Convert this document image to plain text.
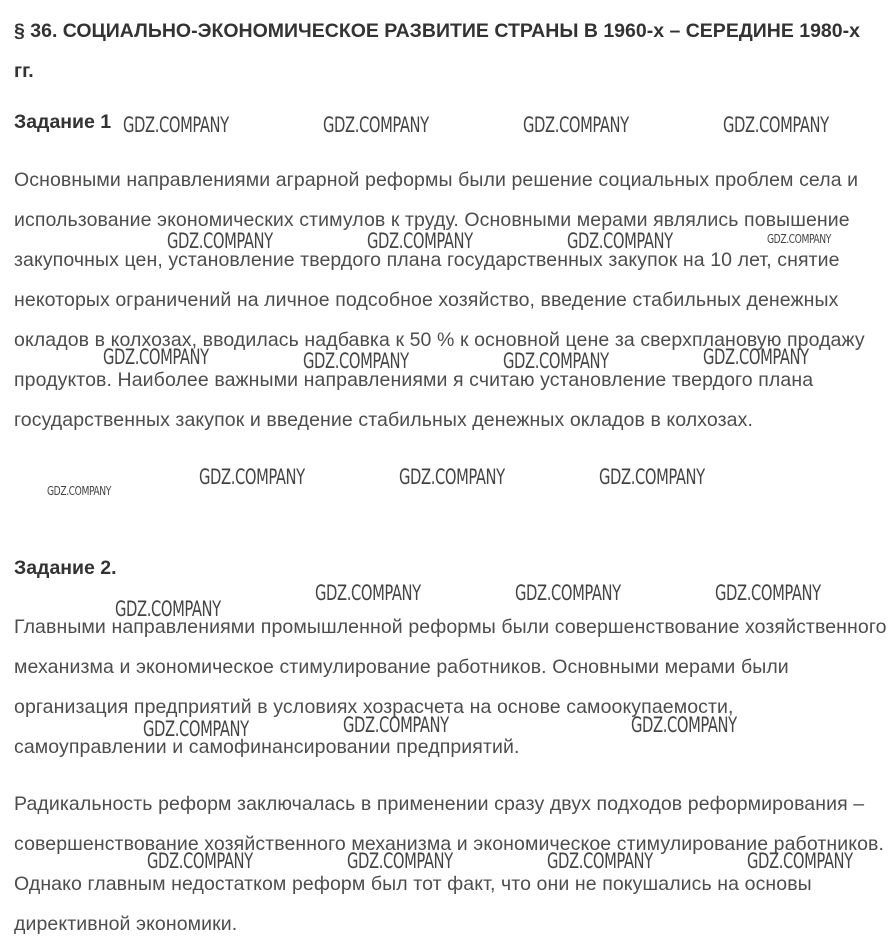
§ 36. СОЦИАЛЬНО-ЭКОНОМИЧЕСКОЕ РАЗВИТИЕ СТРАНЫ В 1960-х – СЕРЕДИНЕ 1980-х гг.
Задание 1

Основными направлениями аграрной реформы были решение социальных проблем села и использование экономических стимулов к труду. Основными мерами являлись повышение закупочных цен, установление твердого плана государственных закупок на 10 лет, снятие некоторых ограничений на личное подсобное хозяйство, введение стабильных денежных окладов в колхозах, вводилась надбавка к 50 % к основной цене за сверхплановую продажу продуктов. Наиболее важными направлениями я считаю установление твердого плана государственных закупок и введение стабильных денежных окладов в колхозах.

Задание 2.

Главными направлениями промышленной реформы были совершенствование хозяйственного механизма и экономическое стимулирование работников. Основными мерами были организация предприятий в условиях хозрасчета на основе самоокупаемости, самоуправлении и самофинансировании предприятий.

Радикальность реформ заключалась в применении сразу двух подходов реформирования – совершенствование хозяйственного механизма и экономическое стимулирование работников. Однако главным недостатком реформ был тот факт, что они не покушались на основы директивной экономики.

GDZ.COMPANY	GDZ.COMPANY	GDZ.COMPANY	GDZ.COMPANY
GDZ.COMPANY	GDZ.COMPANY	GDZ.COMPANY	GDZ.COMPANY
GDZ.COMPANY	GDZ.COMPANY	GDZ.COMPANY	GDZ.COMPANY
GDZ.COMPANY	GDZ.COMPANY	GDZ.COMPANY
GDZ.COMPANY
GDZ.COMPANY
GDZ.COMPANY	GDZ.COMPANY	GDZ.COMPANY
GDZ.COMPANY	GDZ.COMPANY	GDZ.COMPANY
GDZ.COMPANY	GDZ.COMPANY	GDZ.COMPANY	GDZ.COMPANY
